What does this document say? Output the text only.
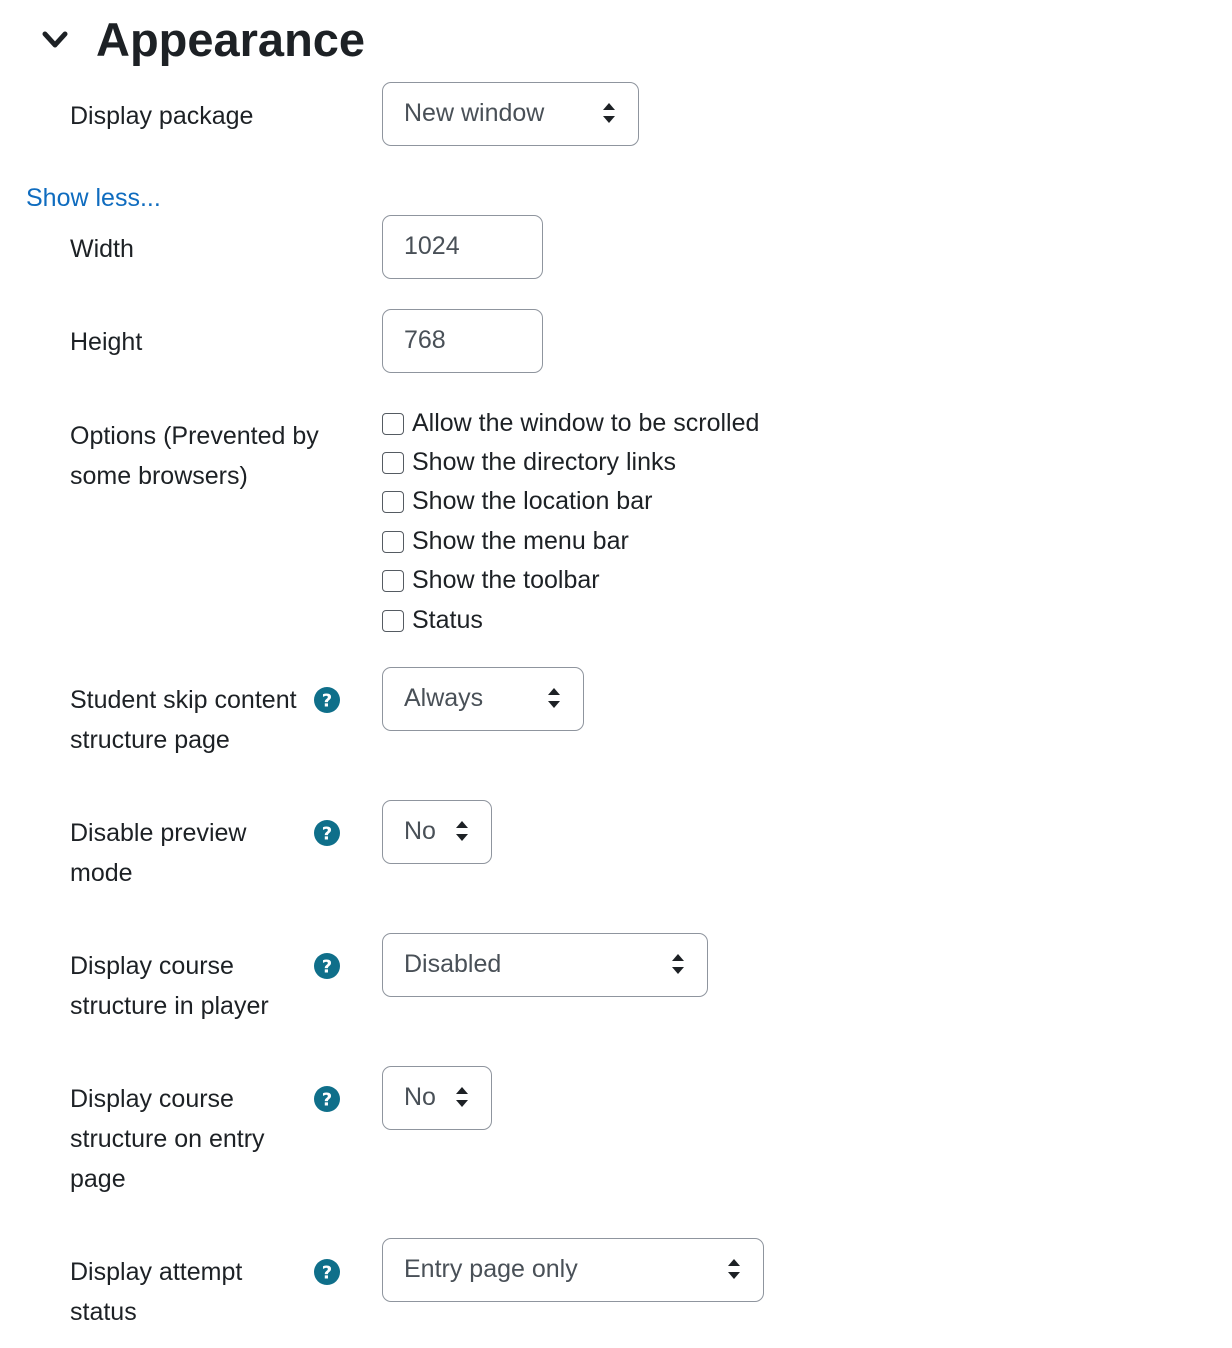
Appearance
Display package	New window
Show less...
Width	1024
Height	768
Options (Prevented by
some browsers)
Allow the window to be scrolled
Show the directory links
Show the location bar
Show the menu bar
Show the toolbar
Status
Student skip content
structure page
?	Always
Disable preview
mode
?	No
Display course
structure in player
?	Disabled
Display course
structure on entry
page
?	No
Display attempt
status
?	Entry page only
